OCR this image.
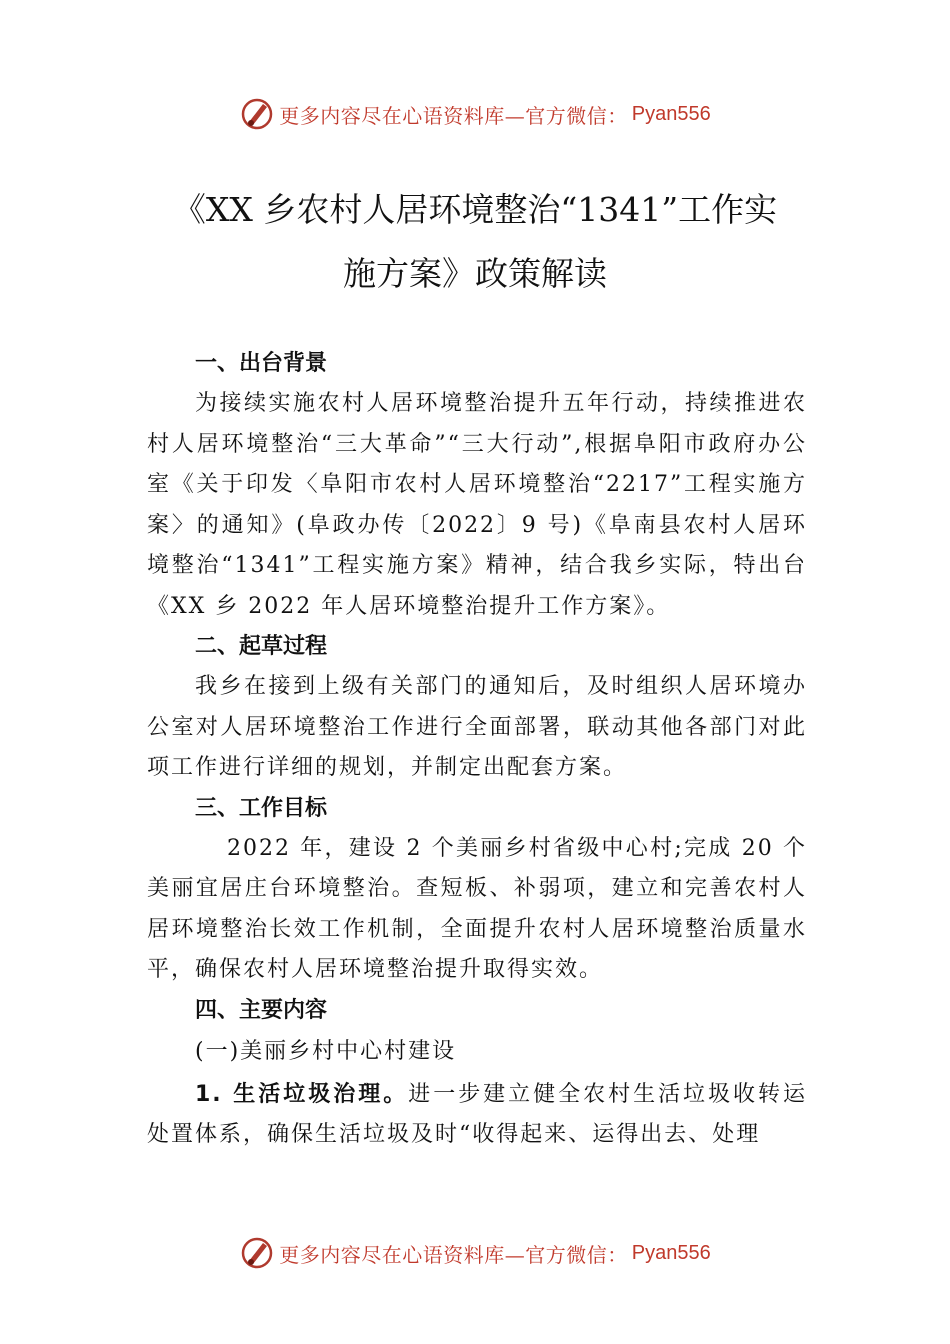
更多内容尽在心语资料库—官方微信： Pyan556
《XX 乡农村人居环境整治“1341”工作实
施方案》政策解读
一、出台背景

为接续实施农村人居环境整治提升五年行动，持续推进农村人居环境整治“三大革命”“三大行动”,根据阜阳市政府办公室《关于印发〈阜阳市农村人居环境整治“2217”工程实施方案〉的通知》(阜政办传〔2022〕9 号)《阜南县农村人居环境整治“1341”工程实施方案》精神，结合我乡实际，特出台《XX 乡 2022 年人居环境整治提升工作方案》。

二、起草过程

我乡在接到上级有关部门的通知后，及时组织人居环境办公室对人居环境整治工作进行全面部署，联动其他各部门对此项工作进行详细的规划，并制定出配套方案。

三、工作目标

2022 年，建设 2 个美丽乡村省级中心村;完成 20 个美丽宜居庄台环境整治。查短板、补弱项，建立和完善农村人居环境整治长效工作机制，全面提升农村人居环境整治质量水平，确保农村人居环境整治提升取得实效。

四、主要内容
(一)美丽乡村中心村建设

1. 生活垃圾治理。进一步建立健全农村生活垃圾收转运处置体系，确保生活垃圾及时“收得起来、运得出去、处理

更多内容尽在心语资料库—官方微信： Pyan556
